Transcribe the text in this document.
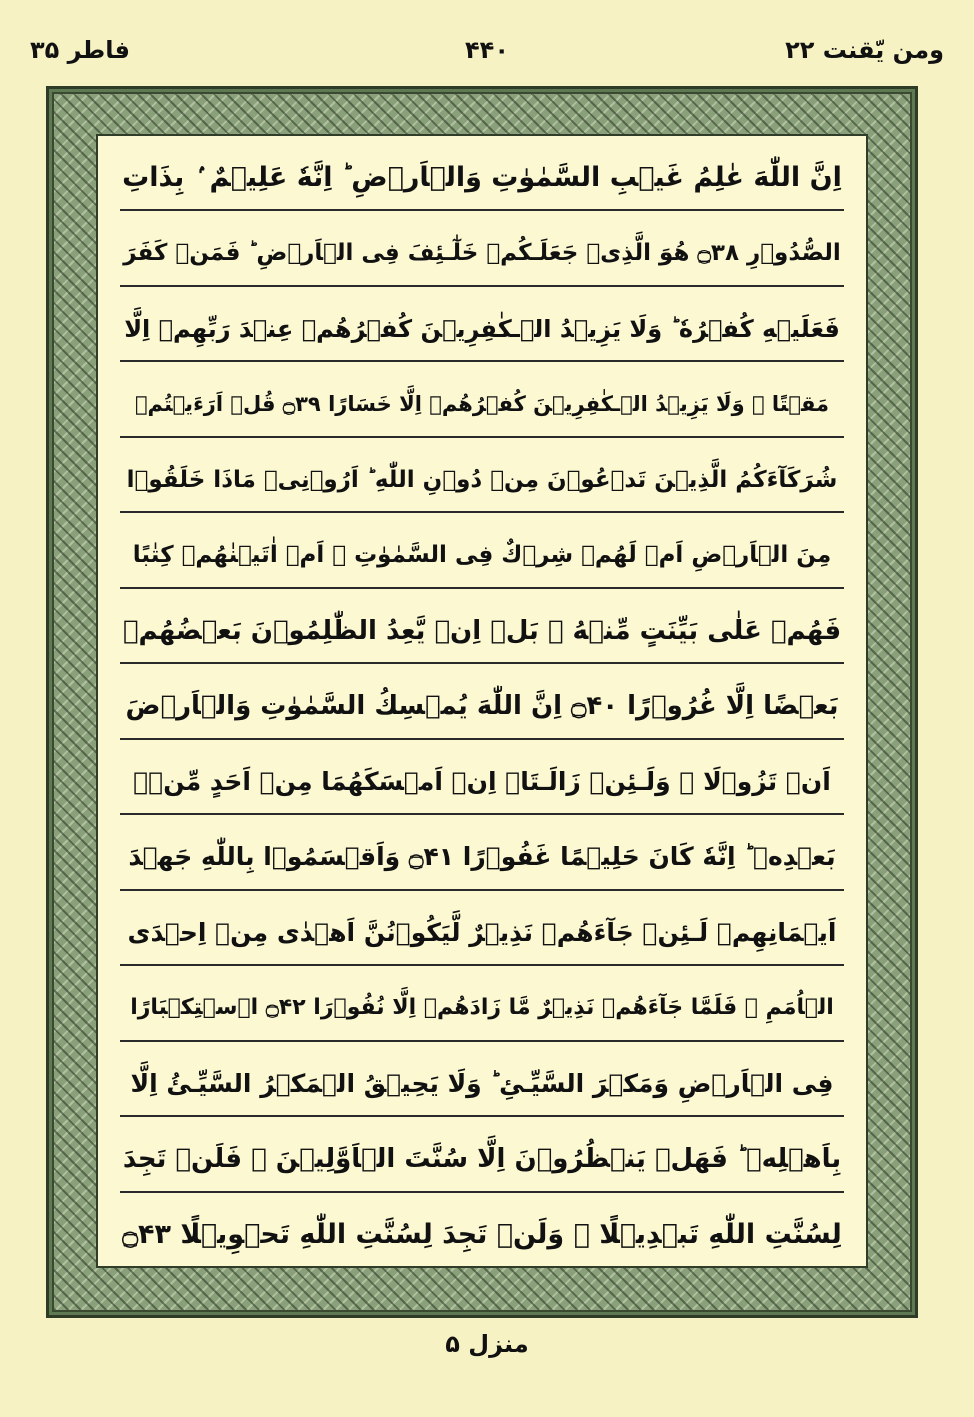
ومن يّقنت ۲۲
۴۴۰
فاطر ۳۵
اِنَّ اللّٰهَ عٰلِمُ غَيۡبِ السَّمٰوٰتِ وَالۡاَرۡضِ ؕ اِنَّهٗ عَلِيۡمٌ ۢ بِذَاتِ
الصُّدُوۡرِ ۝۳۸ هُوَ الَّذِىۡ جَعَلَـكُمۡ خَلٰٓـئِفَ فِى الۡاَرۡضِ ؕ فَمَنۡ كَفَرَ
فَعَلَيۡهِ كُفۡرُهٗ ؕ وَلَا يَزِيۡدُ الۡـكٰفِرِيۡنَ كُفۡرُهُمۡ عِنۡدَ رَبِّهِمۡ اِلَّا
مَقۡتًا ۚ وَلَا يَزِيۡدُ الۡـكٰفِرِيۡنَ كُفۡرُهُمۡ اِلَّا خَسَارًا ۝۳۹ قُلۡ اَرَءَيۡتُمۡ
شُرَكَآءَكُمُ الَّذِيۡنَ تَدۡعُوۡنَ مِنۡ دُوۡنِ اللّٰهِ ؕ اَرُوۡنِىۡ مَاذَا خَلَقُوۡا
مِنَ الۡاَرۡضِ اَمۡ لَهُمۡ شِرۡكٌ فِى السَّمٰوٰتِ ۚ اَمۡ اٰتَيۡنٰهُمۡ كِتٰبًا
فَهُمۡ عَلٰى بَيِّنَتٍ مِّنۡهُ ۚ بَلۡ اِنۡ يَّعِدُ الظّٰلِمُوۡنَ بَعۡضُهُمۡ
بَعۡضًا اِلَّا غُرُوۡرًا ۝۴۰ اِنَّ اللّٰهَ يُمۡسِكُ السَّمٰوٰتِ وَالۡاَرۡضَ
اَنۡ تَزُوۡلَا ۚ وَلَـئِنۡ زَالَـتَاۤ اِنۡ اَمۡسَكَهُمَا مِنۡ اَحَدٍ مِّنۡۢ
بَعۡدِهٖ ؕ اِنَّهٗ كَانَ حَلِيۡمًا غَفُوۡرًا ۝۴۱ وَاَقۡسَمُوۡا بِاللّٰهِ جَهۡدَ
اَيۡمَانِهِمۡ لَـئِنۡ جَآءَهُمۡ نَذِيۡرٌ لَّيَكُوۡنُنَّ اَهۡدٰى مِنۡ اِحۡدَى
الۡاُمَمِ ۚ فَلَمَّا جَآءَهُمۡ نَذِيۡرٌ مَّا زَادَهُمۡ اِلَّا نُفُوۡرَا ۝۴۲ اۨسۡتِكۡبَارًا
فِى الۡاَرۡضِ وَمَكۡرَ السَّيِّـئِ ؕ وَلَا يَحِيۡقُ الۡمَكۡرُ السَّيِّـئُ اِلَّا
بِاَهۡلِهٖ ؕ فَهَلۡ يَنۡظُرُوۡنَ اِلَّا سُنَّتَ الۡاَوَّلِيۡنَ ۚ فَلَنۡ تَجِدَ
لِسُنَّتِ اللّٰهِ تَبۡدِيۡلًا ۚ وَلَنۡ تَجِدَ لِسُنَّتِ اللّٰهِ تَحۡوِيۡلًا ۝۴۳
منزل ۵
